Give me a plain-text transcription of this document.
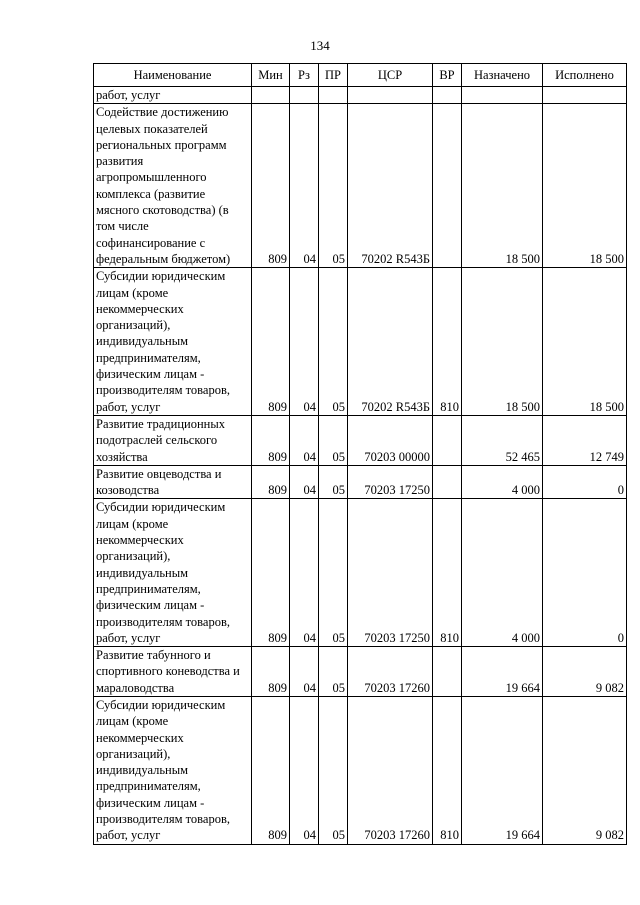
134
Наименование	Мин	Рз	ПР	ЦСР	ВР	Назначено	Исполнено
работ, услуг							
Содействие достижению целевых показателей региональных программ развития агропромышленного комплекса (развитие мясного скотоводства) (в том числе софинансирование с федеральным бюджетом)	809	04	05	70202 R543Б		18 500	18 500
Субсидии юридическим лицам (кроме некоммерческих организаций), индивидуальным предпринимателям, физическим лицам - производителям товаров, работ, услуг	809	04	05	70202 R543Б	810	18 500	18 500
Развитие традиционных подотраслей сельского хозяйства	809	04	05	70203 00000		52 465	12 749
Развитие овцеводства и козоводства	809	04	05	70203 17250		4 000	0
Субсидии юридическим лицам (кроме некоммерческих организаций), индивидуальным предпринимателям, физическим лицам - производителям товаров, работ, услуг	809	04	05	70203 17250	810	4 000	0
Развитие табунного и спортивного коневодства и мараловодства	809	04	05	70203 17260		19 664	9 082
Субсидии юридическим лицам (кроме некоммерческих организаций), индивидуальным предпринимателям, физическим лицам - производителям товаров, работ, услуг	809	04	05	70203 17260	810	19 664	9 082
